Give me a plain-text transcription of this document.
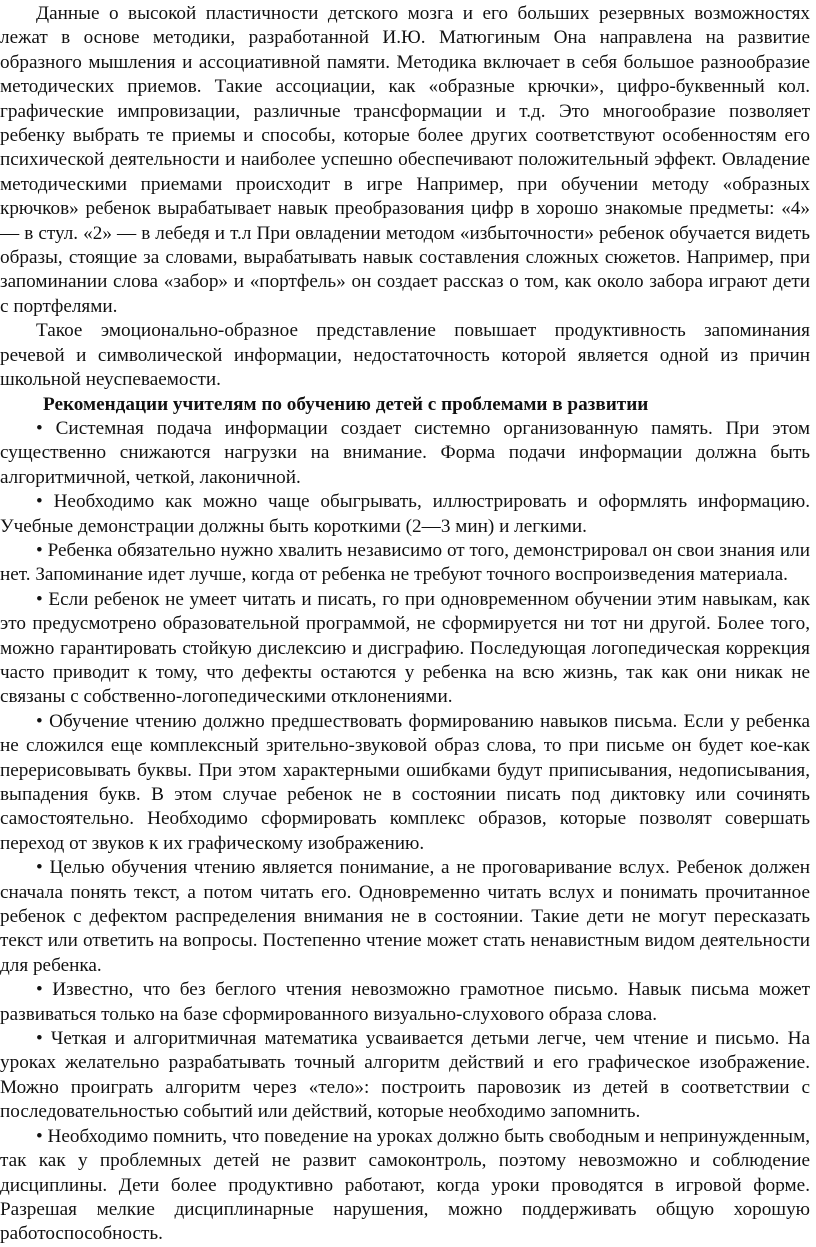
Данные о высокой пластичности детского мозга и его больших резервных возможностях лежат в основе методики, разработанной И.Ю. Матюгиным Она направлена на развитие образного мышления и ассоциативной памяти. Методика включает в себя большое разнообразие методических приемов. Такие ассоциации, как «образные крючки», цифро-буквенный кол. графические импровизации, различные трансформации и т.д. Это многообразие позволяет ребенку выбрать те приемы и способы, которые более других соответствуют особенностям его психической деятельности и наиболее успешно обеспечивают положительный эффект. Овладение методическими приемами происходит в игре Например, при обучении методу «образных крючков» ребенок вырабатывает навык преобразования цифр в хорошо знакомые предметы: «4» — в стул. «2» — в лебедя и т.л При овладении методом «избыточности» ребенок обучается видеть образы, стоящие за словами, вырабатывать навык составления сложных сюжетов. Например, при запоминании слова «забор» и «портфель» он создает рассказ о том, как около забора играют дети с портфелями.

Такое эмоционально-образное представление повышает продуктивность запоминания речевой и символической информации, недостаточность которой является одной из причин школьной неуспеваемости.

Рекомендации учителям по обучению детей с проблемами в развитии

• Системная подача информации создает системно организованную память. При этом существенно снижаются нагрузки на внимание. Форма подачи информации должна быть алгоритмичной, четкой, лаконичной.

• Необходимо как можно чаще обыгрывать, иллюстрировать и оформлять информацию. Учебные демонстрации должны быть короткими (2—3 мин) и легкими.

• Ребенка обязательно нужно хвалить независимо от того, демонстрировал он свои знания или нет. Запоминание идет лучше, когда от ребенка не требуют точного воспроизведения материала.

• Если ребенок не умеет читать и писать, го при одновременном обучении этим навыкам, как это предусмотрено образовательной программой, не сформируется ни тот ни другой. Более того, можно гарантировать стойкую дислексию и дисграфию. Последующая логопедическая коррекция часто приводит к тому, что дефекты остаются у ребенка на всю жизнь, так как они никак не связаны с собственно-логопедическими отклонениями.

• Обучение чтению должно предшествовать формированию навыков письма. Если у ребенка не сложился еще комплексный зрительно-звуковой образ слова, то при письме он будет кое-как перерисовывать буквы. При этом характерными ошибками будут приписывания, недописывания, выпадения букв. В этом случае ребенок не в состоянии писать под диктовку или сочинять самостоятельно. Необходимо сформировать комплекс образов, которые позволят совершать переход от звуков к их графическому изображению.

• Целью обучения чтению является понимание, а не проговаривание вслух. Ребенок должен сначала понять текст, а потом читать его. Одновременно читать вслух и понимать прочитанное ребенок с дефектом распределения внимания не в состоянии. Такие дети не могут пересказать текст или ответить на вопросы. Постепенно чтение может стать ненавистным видом деятельности для ребенка.

• Известно, что без беглого чтения невозможно грамотное письмо. Навык письма может развиваться только на базе сформированного визуально-слухового образа слова.

• Четкая и алгоритмичная математика усваивается детьми легче, чем чтение и письмо. На уроках желательно разрабатывать точный алгоритм действий и его графическое изображение. Можно проиграть алгоритм через «тело»: построить паровозик из детей в соответствии с последовательностью событий или действий, которые необходимо запомнить.

• Необходимо помнить, что поведение на уроках должно быть свободным и непринужденным, так как у проблемных детей не развит самоконтроль, поэтому невозможно и соблюдение дисциплины. Дети более продуктивно работают, когда уроки проводятся в игровой форме. Разрешая мелкие дисциплинарные нарушения, можно поддерживать общую хорошую работоспособность.
